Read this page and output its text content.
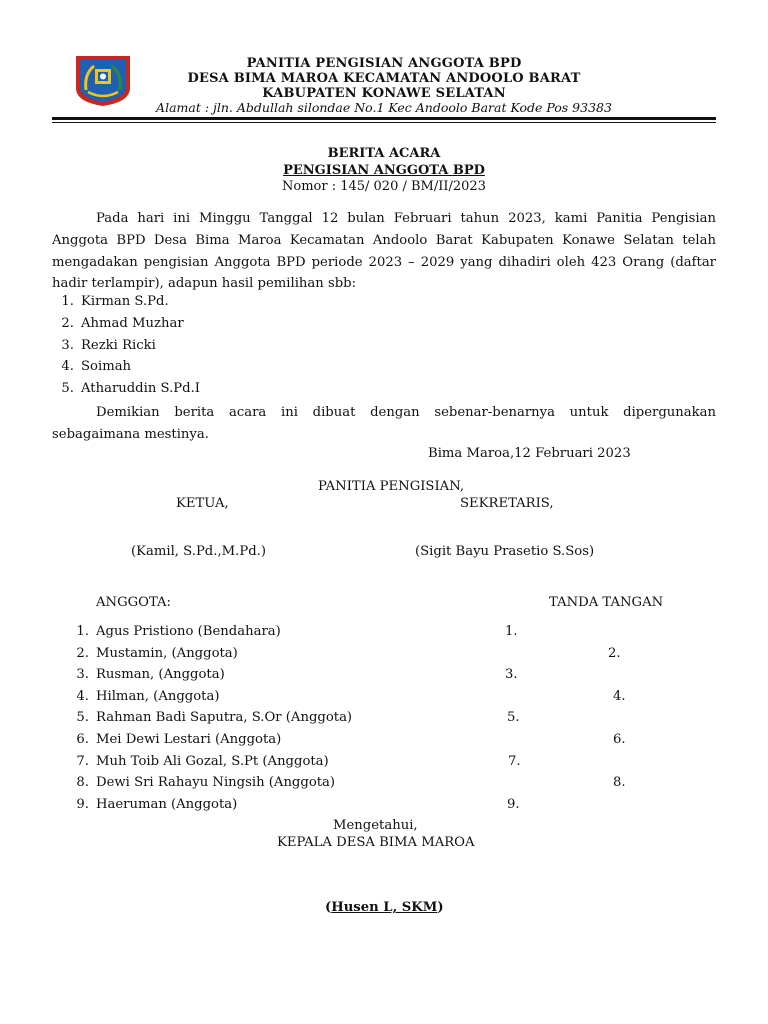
PANITIA PENGISIAN ANGGOTA BPD
DESA BIMA MAROA KECAMATAN ANDOOLO BARAT
KABUPATEN KONAWE SELATAN
Alamat : jln. Abdullah silondae No.1 Kec Andoolo Barat Kode Pos 93383
BERITA ACARA
PENGISIAN ANGGOTA BPD
Nomor : 145/ 020 / BM/II/2023

Pada hari ini Minggu Tanggal 12 bulan Februari tahun 2023, kami Panitia Pengisian Anggota BPD Desa Bima Maroa Kecamatan Andoolo Barat Kabupaten Konawe Selatan telah mengadakan pengisian Anggota BPD periode 2023 – 2029 yang dihadiri oleh 423 Orang (daftar hadir terlampir), adapun hasil pemilihan sbb:

1. Kirman S.Pd.
2. Ahmad Muzhar
3. Rezki Ricki
4. Soimah
5. Atharuddin S.Pd.I

Demikian berita acara ini dibuat dengan sebenar-benarnya untuk dipergunakan sebagaimana mestinya.

Bima Maroa,12 Februari 2023
PANITIA PENGISIAN,
KETUA,	SEKRETARIS,
(Kamil, S.Pd.,M.Pd.)	(Sigit Bayu Prasetio S.Sos)
ANGGOTA:	TANDA TANGAN
1. Agus Pristiono (Bendahara)	1.
2. Mustamin, (Anggota)	2.
3. Rusman, (Anggota)	3.
4. Hilman, (Anggota)	4.
5. Rahman Badi Saputra, S.Or (Anggota)	5.
6. Mei Dewi Lestari (Anggota)	6.
7. Muh Toib Ali Gozal, S.Pt (Anggota)	7.
8. Dewi Sri Rahayu Ningsih (Anggota)	8.
9. Haeruman (Anggota)	9.
Mengetahui,
KEPALA DESA BIMA MAROA
(Husen L, SKM)
